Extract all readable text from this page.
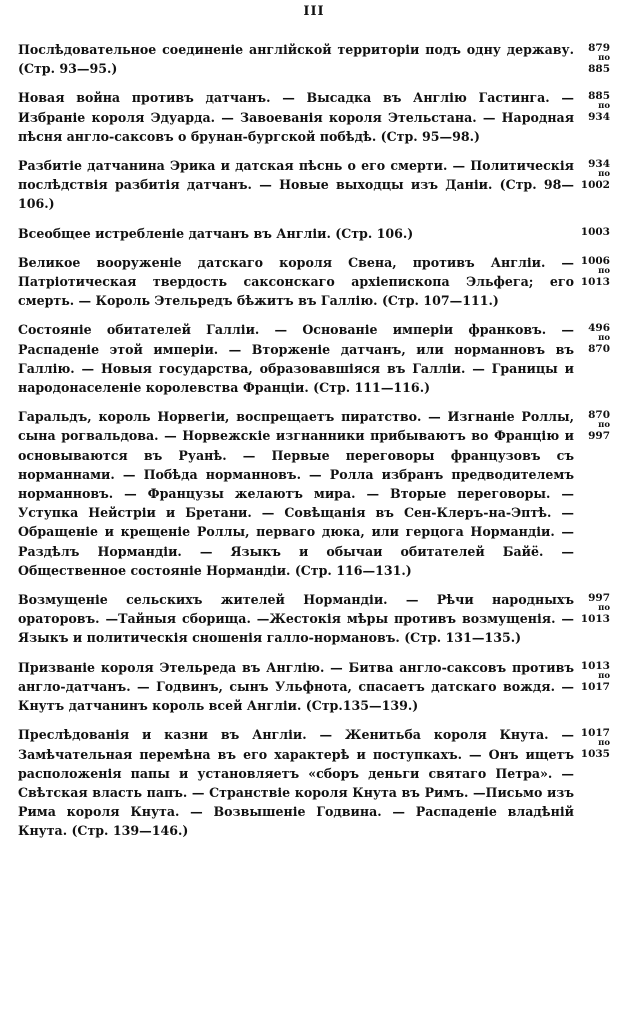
III
Послѣдовательное соединеніе англійской территоріи подъ одну державу. (Стр. 93—95.)
879
по
885
Новая война противъ датчанъ. — Высадка въ Англію Гастинга. — Избраніе короля Эдуарда. — Завоеванія короля Этельстана. — Народная пѣсня англо-саксовъ о брунан-бургской побѣдѣ. (Стр. 95—98.)
885
по
934
Разбитіе датчанина Эрика и датская пѣснь о его смерти. — Политическія послѣдствія разбитія датчанъ. — Новые выходцы изъ Даніи. (Стр. 98—106.)
934
по
1002
Всеобщее истребленіе датчанъ въ Англіи. (Стр. 106.)	1003
Великое вооруженіе датскаго короля Свена, противъ Англіи. — Патріотическая твердость саксонскаго архіепископа Эльфега; его смерть. — Король Этельредъ бѣжитъ въ Галлію. (Стр. 107—111.)
1006
по
1013
Состояніе обитателей Галліи. — Основаніе имперіи франковъ. — Распаденіе этой имперіи. — Вторженіе датчанъ, или норманновъ въ Галлію. — Новыя государства, образовавшіяся въ Галліи. — Границы и народонаселеніе королевства Франціи. (Стр. 111—116.)
496
по
870
Гаральдъ, король Норвегіи, воспрещаетъ пиратство. — Изгнаніе Роллы, сына рогвальдова. — Норвежскіе изгнанники прибываютъ во Францію и основываются въ Руанѣ. — Первые переговоры французовъ съ норманнами. — Побѣда норманновъ. — Ролла избранъ предводителемъ норманновъ. — Французы желаютъ мира. — Вторые переговоры. — Уступка Нейстріи и Бретани. — Совѣщанія въ Сен-Клеръ-на-Эптѣ. — Обращеніе и крещеніе Роллы, перваго дюка, или герцога Нормандіи. — Раздѣлъ Нормандіи. — Языкъ и обычаи обитателей Байё. — Общественное состояніе Нормандіи. (Стр. 116—131.)
870
по
997
Возмущеніе сельскихъ жителей Нормандіи. — Рѣчи народныхъ ораторовъ. —Тайныя сборища. —Жестокія мѣры противъ возмущенія. — Языкъ и политическія сношенія галло-нормановъ. (Стр. 131—135.)
997
по
1013
Призваніе короля Этельреда въ Англію. — Битва англо-саксовъ противъ англо-датчанъ. — Годвинъ, сынъ Ульфнота, спасаетъ датскаго вождя. —Кнутъ датчанинъ король всей Англіи. (Стр.135—139.)
1013
по
1017
Преслѣдованія и казни въ Англіи. — Женитьба короля Кнута. — Замѣчательная перемѣна въ его характерѣ и поступкахъ. — Онъ ищетъ расположенія папы и установляетъ «сборъ деньги святаго Петра». — Свѣтская власть папъ. — Странствіе короля Кнута въ Римъ. —Письмо изъ Рима короля Кнута. — Возвышеніе Годвина. — Распаденіе владѣній Кнута. (Стр. 139—146.)
1017
по
1035
